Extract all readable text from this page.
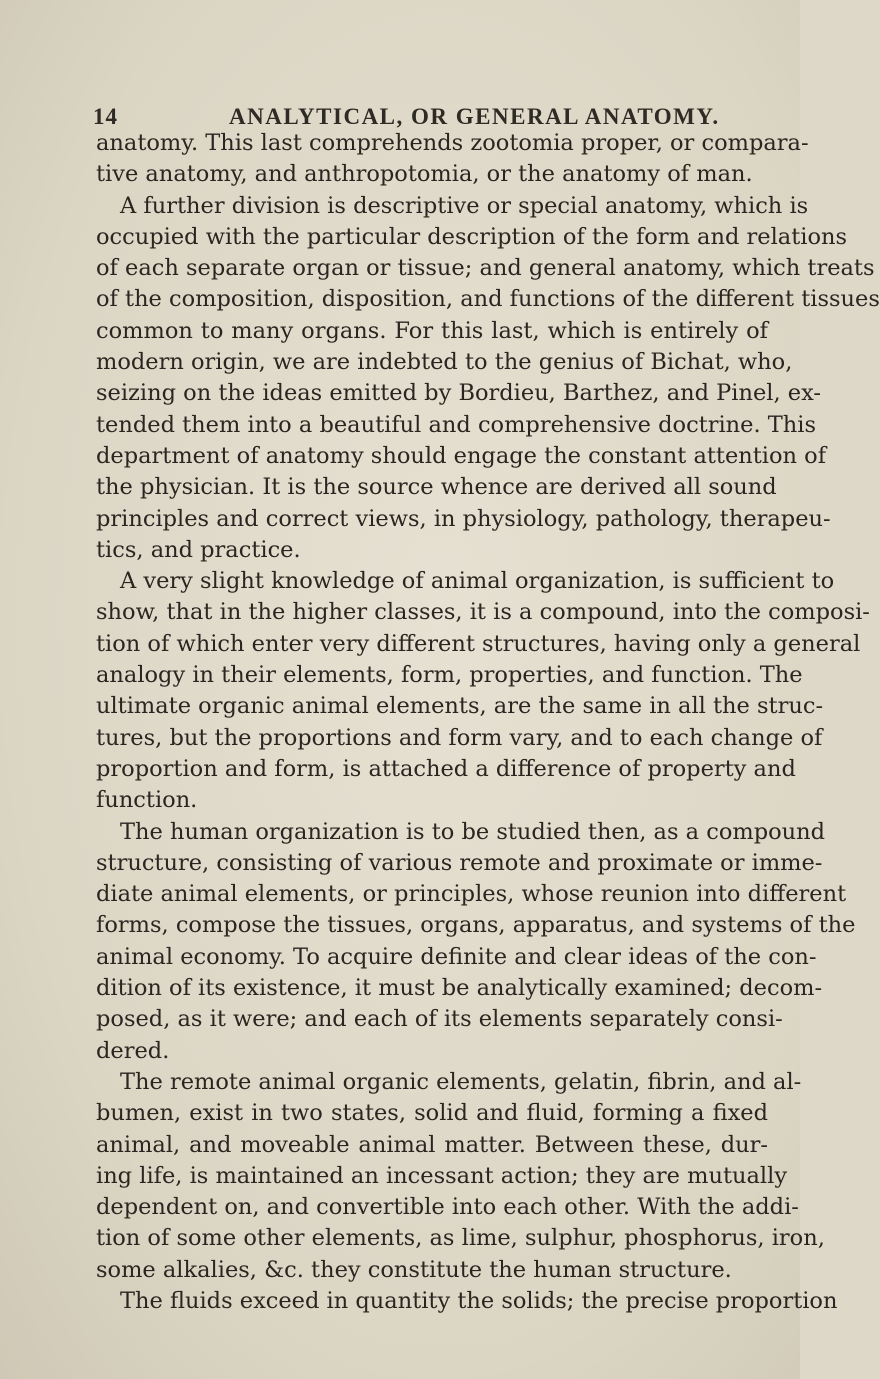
14	ANALYTICAL, OR GENERAL ANATOMY.
anatomy. This last comprehends zootomia proper, or compara-
tive anatomy, and anthropotomia, or the anatomy of man.
A further division is descriptive or special anatomy, which is
occupied with the particular description of the form and relations
of each separate organ or tissue; and general anatomy, which treats
of the composition, disposition, and functions of the different tissues
common to many organs. For this last, which is entirely of
modern origin, we are indebted to the genius of Bichat, who,
seizing on the ideas emitted by Bordieu, Barthez, and Pinel, ex-
tended them into a beautiful and comprehensive doctrine. This
department of anatomy should engage the constant attention of
the physician. It is the source whence are derived all sound
principles and correct views, in physiology, pathology, therapeu-
tics, and practice.
A very slight knowledge of animal organization, is sufficient to
show, that in the higher classes, it is a compound, into the composi-
tion of which enter very different structures, having only a general
analogy in their elements, form, properties, and function. The
ultimate organic animal elements, are the same in all the struc-
tures, but the proportions and form vary, and to each change of
proportion and form, is attached a difference of property and
function.
The human organization is to be studied then, as a compound
structure, consisting of various remote and proximate or imme-
diate animal elements, or principles, whose reunion into different
forms, compose the tissues, organs, apparatus, and systems of the
animal economy. To acquire definite and clear ideas of the con-
dition of its existence, it must be analytically examined; decom-
posed, as it were; and each of its elements separately consi-
dered.
The remote animal organic elements, gelatin, fibrin, and al-
bumen, exist in two states, solid and fluid, forming a fixed
animal, and moveable animal matter. Between these, dur-
ing life, is maintained an incessant action; they are mutually
dependent on, and convertible into each other. With the addi-
tion of some other elements, as lime, sulphur, phosphorus, iron,
some alkalies, &c. they constitute the human structure.
The fluids exceed in quantity the solids; the precise proportion
